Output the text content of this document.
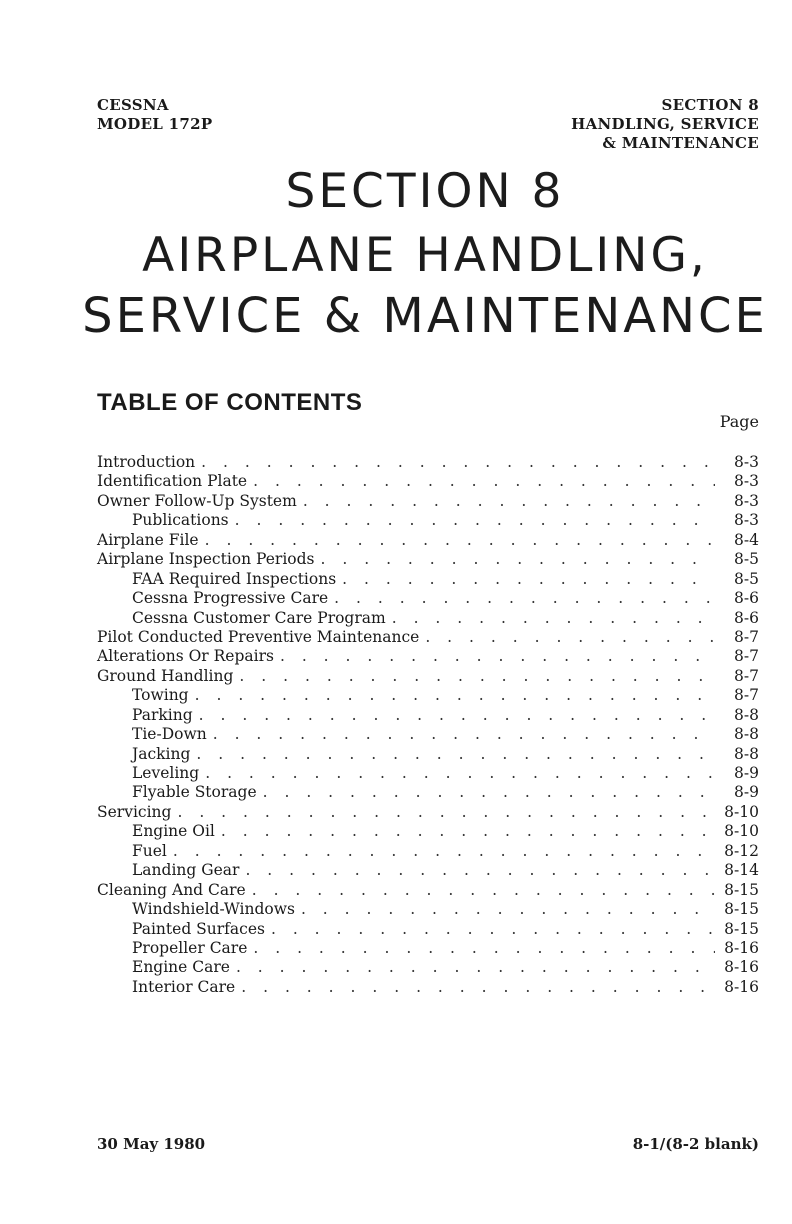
CESSNA
MODEL 172P
SECTION 8
HANDLING, SERVICE
& MAINTENANCE
SECTION 8
AIRPLANE HANDLING,
SERVICE & MAINTENANCE
TABLE OF CONTENTS
Page
Introduction . . .	8-3
Identification Plate . . .	8-3
Owner Follow-Up System . . .	8-3
Publications . . .	8-3
Airplane File . . .	8-4
Airplane Inspection Periods . . .	8-5
FAA Required Inspections . . .	8-5
Cessna Progressive Care . . .	8-6
Cessna Customer Care Program . . .	8-6
Pilot Conducted Preventive Maintenance . . .	8-7
Alterations Or Repairs . . .	8-7
Ground Handling . . .	8-7
Towing . . .	8-7
Parking . . .	8-8
Tie-Down . . .	8-8
Jacking . . .	8-8
Leveling . . .	8-9
Flyable Storage . . .	8-9
Servicing . . .	8-10
Engine Oil . . .	8-10
Fuel . . .	8-12
Landing Gear . . .	8-14
Cleaning And Care . . .	8-15
Windshield-Windows . . .	8-15
Painted Surfaces . . .	8-15
Propeller Care . . .	8-16
Engine Care . . .	8-16
Interior Care . . .	8-16
30 May 1980	8-1/(8-2 blank)
